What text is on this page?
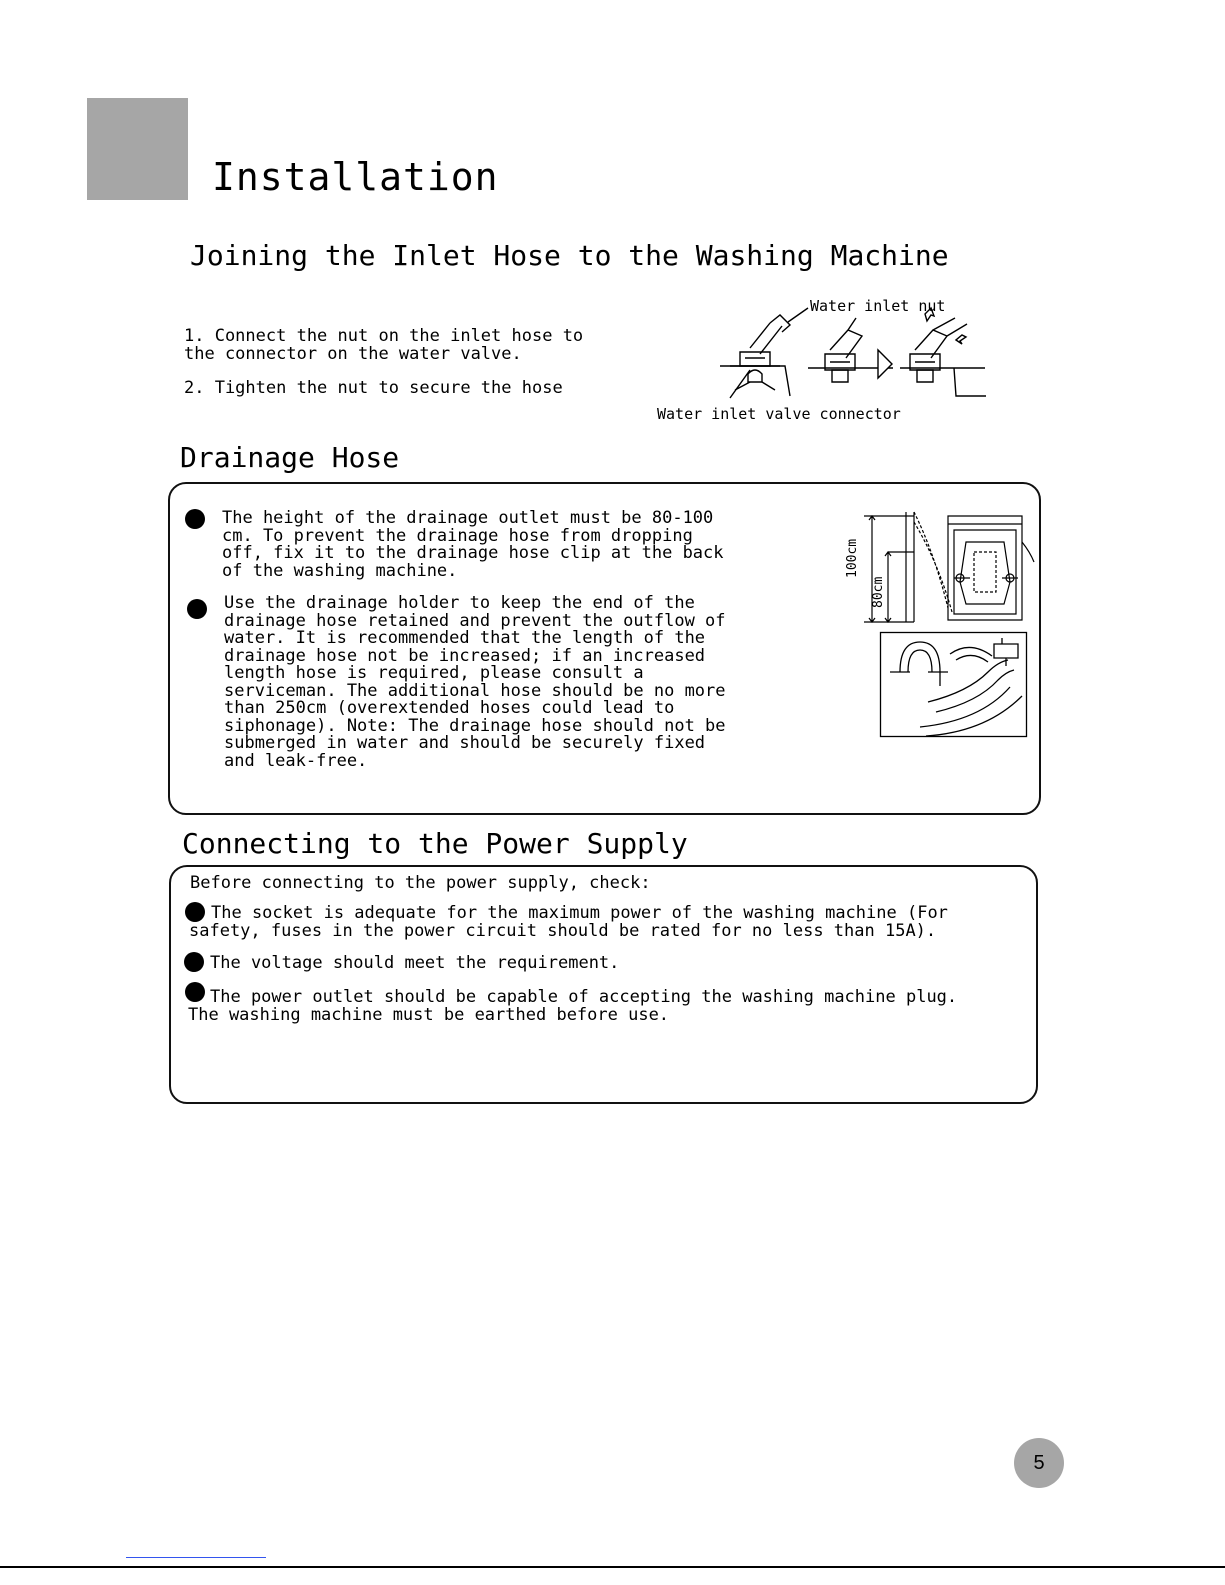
Installation
Joining the Inlet Hose to the Washing Machine
1. Connect the nut on the inlet hose to
the connector on the water valve.
2. Tighten the nut to secure the hose
Water inlet nut
Water inlet valve connector
Drainage Hose
The height of the drainage outlet must be 80-100
cm. To prevent the drainage hose from dropping
off, fix it to the drainage hose clip at the back
of the washing machine.
Use the drainage holder to keep the end of the
drainage hose retained and prevent the outflow of
water. It is recommended that the length of the
drainage hose not be increased; if an increased
length hose is required, please consult a
serviceman. The additional hose should be no more
than 250cm (overextended hoses could lead to
siphonage). Note: The drainage hose should not be
submerged in water and should be securely fixed
and leak-free.
100cm
80cm
Connecting to the Power Supply
Before connecting to the power supply, check:
The socket is adequate for the maximum power of the washing machine (For
safety, fuses in the power circuit should be rated for no less than 15A).
The voltage should meet the requirement.
The power outlet should be capable of accepting the washing machine plug.
The washing machine must be earthed before use.
5
